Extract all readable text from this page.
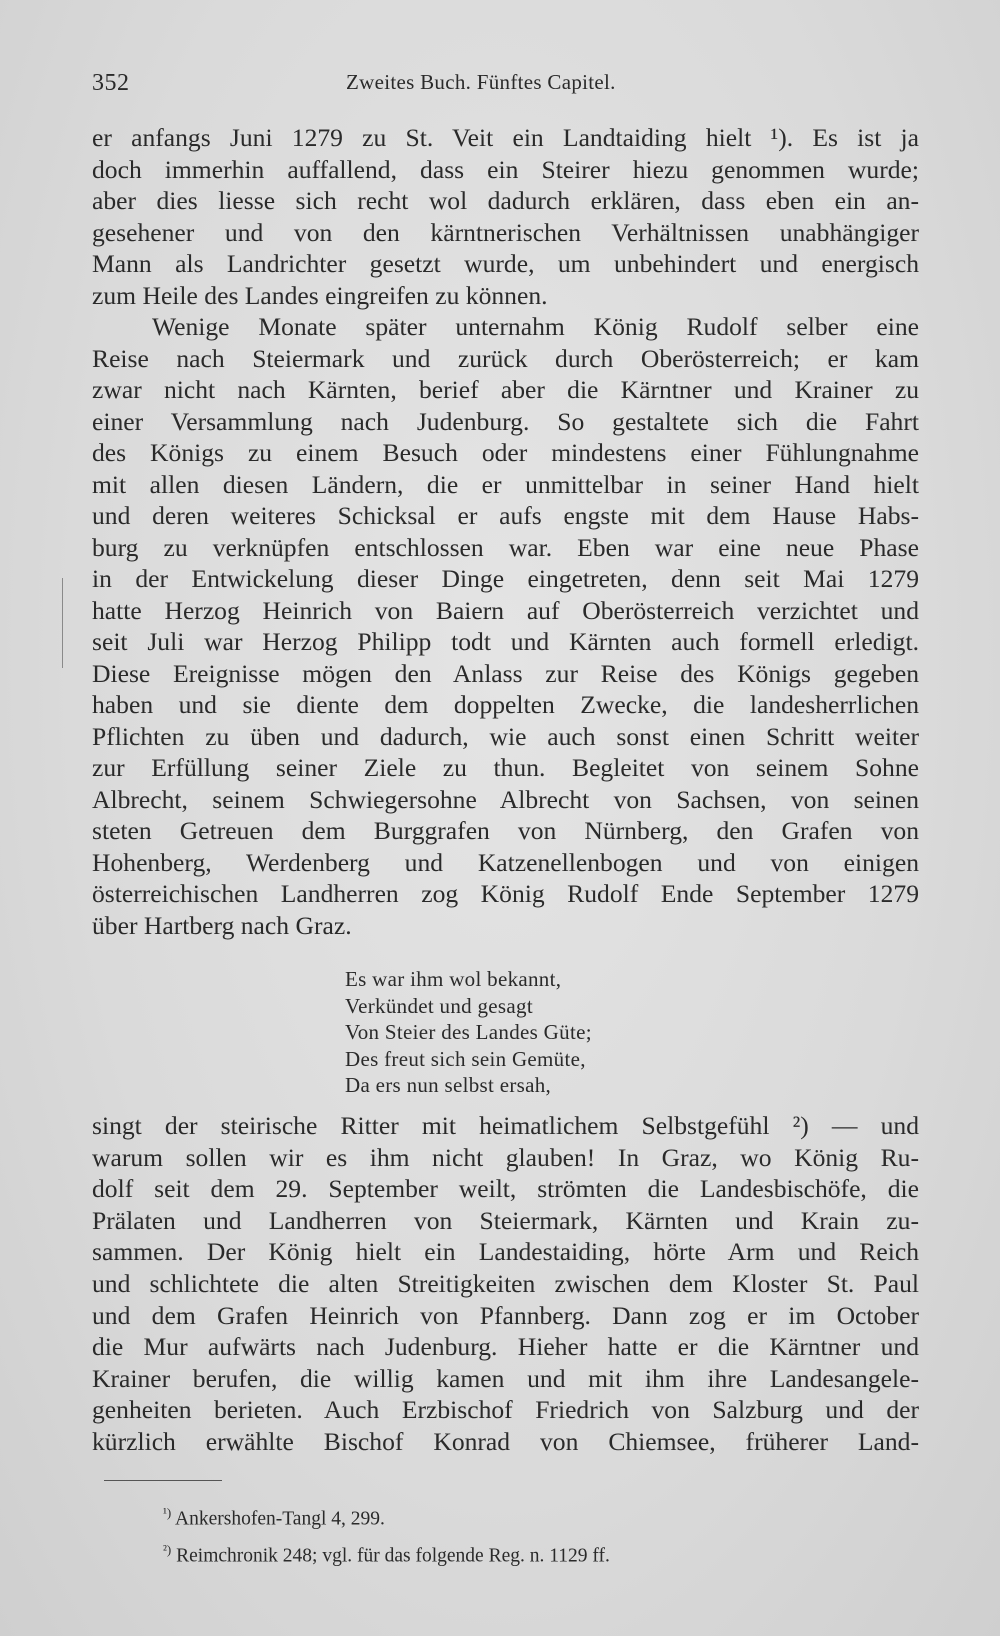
352	Zweites Buch. Fünftes Capitel.
er anfangs Juni 1279 zu St. Veit ein Landtaiding hielt ¹). Es ist ja
doch immerhin auffallend, dass ein Steirer hiezu genommen wurde;
aber dies liesse sich recht wol dadurch erklären, dass eben ein an-
gesehener und von den kärntnerischen Verhältnissen unabhängiger
Mann als Landrichter gesetzt wurde, um unbehindert und energisch
zum Heile des Landes eingreifen zu können.
Wenige Monate später unternahm König Rudolf selber eine
Reise nach Steiermark und zurück durch Oberösterreich; er kam
zwar nicht nach Kärnten, berief aber die Kärntner und Krainer zu
einer Versammlung nach Judenburg. So gestaltete sich die Fahrt
des Königs zu einem Besuch oder mindestens einer Fühlungnahme
mit allen diesen Ländern, die er unmittelbar in seiner Hand hielt
und deren weiteres Schicksal er aufs engste mit dem Hause Habs-
burg zu verknüpfen entschlossen war. Eben war eine neue Phase
in der Entwickelung dieser Dinge eingetreten, denn seit Mai 1279
hatte Herzog Heinrich von Baiern auf Oberösterreich verzichtet und
seit Juli war Herzog Philipp todt und Kärnten auch formell erledigt.
Diese Ereignisse mögen den Anlass zur Reise des Königs gegeben
haben und sie diente dem doppelten Zwecke, die landesherrlichen
Pflichten zu üben und dadurch, wie auch sonst einen Schritt weiter
zur Erfüllung seiner Ziele zu thun. Begleitet von seinem Sohne
Albrecht, seinem Schwiegersohne Albrecht von Sachsen, von seinen
steten Getreuen dem Burggrafen von Nürnberg, den Grafen von
Hohenberg, Werdenberg und Katzenellenbogen und von einigen
österreichischen Landherren zog König Rudolf Ende September 1279
über Hartberg nach Graz.
Es war ihm wol bekannt,
Verkündet und gesagt
Von Steier des Landes Güte;
Des freut sich sein Gemüte,
Da ers nun selbst ersah,
singt der steirische Ritter mit heimatlichem Selbstgefühl ²) — und
warum sollen wir es ihm nicht glauben! In Graz, wo König Ru-
dolf seit dem 29. September weilt, strömten die Landesbischöfe, die
Prälaten und Landherren von Steiermark, Kärnten und Krain zu-
sammen. Der König hielt ein Landestaiding, hörte Arm und Reich
und schlichtete die alten Streitigkeiten zwischen dem Kloster St. Paul
und dem Grafen Heinrich von Pfannberg. Dann zog er im October
die Mur aufwärts nach Judenburg. Hieher hatte er die Kärntner und
Krainer berufen, die willig kamen und mit ihm ihre Landesangele-
genheiten berieten. Auch Erzbischof Friedrich von Salzburg und der
kürzlich erwählte Bischof Konrad von Chiemsee, früherer Land-
$^{^1)}$ Ankershofen-Tangl 4, 299.
$^{^2)}$ Reimchronik 248; vgl. für das folgende Reg. n. 1129 ff.
